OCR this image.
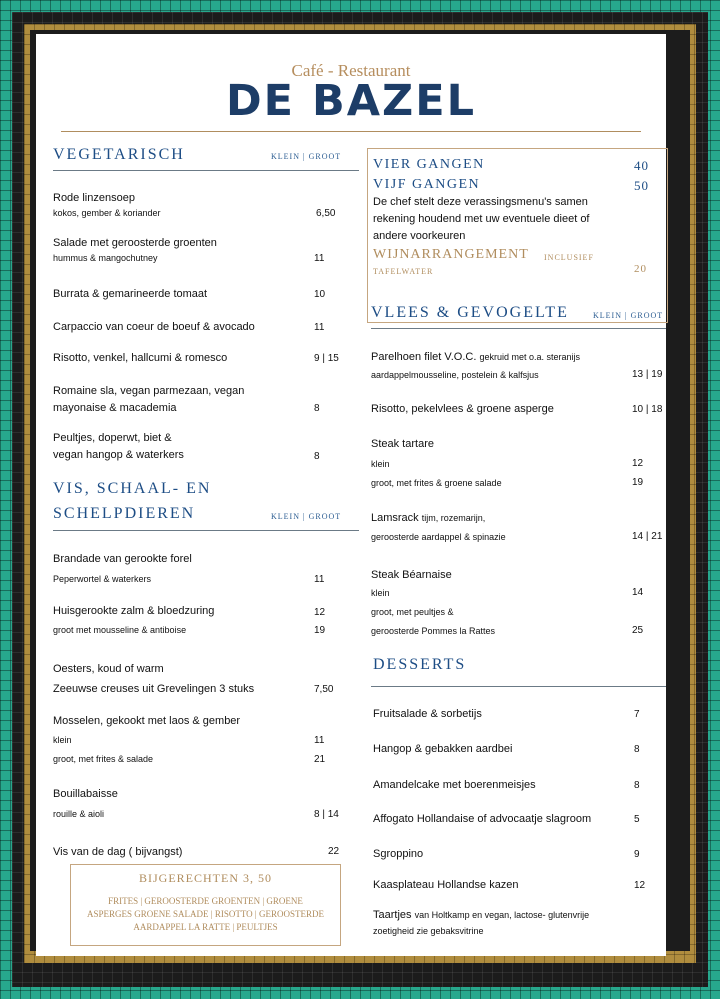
Café - Restaurant
DE BAZEL
VEGETARISCH	KLEIN | GROOT
Rode linzensoep
kokos, gember & koriander	6,50
Salade met geroosterde groenten
hummus & mangochutney	11
Burrata & gemarineerde tomaat	10
Carpaccio van coeur de boeuf & avocado	11
Risotto, venkel, hallcumi & romesco	9 | 15
Romaine sla, vegan parmezaan, vegan
mayonaise & macademia	8
Peultjes, doperwt, biet &
vegan hangop & waterkers	8
VIS, SCHAAL- EN
SCHELPDIEREN	KLEIN | GROOT
Brandade van gerookte forel
Peperwortel & waterkers	11
Huisgerookte zalm & bloedzuring	12
groot met mousseline & antiboise	19
Oesters, koud of warm
Zeeuwse creuses uit Grevelingen 3 stuks	7,50
Mosselen, gekookt met laos & gember
klein	11
groot, met frites & salade	21
Bouillabaisse
rouille & aioli	8 | 14
Vis van de dag ( bijvangst)	22
BIJGERECHTEN 3, 50
FRITES | GEROOSTERDE GROENTEN | GROENE
ASPERGES GROENE SALADE | RISOTTO | GEROOSTERDE
AARDAPPEL LA RATTE | PEULTJES
VIER GANGEN	40
VIJF GANGEN	50
De chef stelt deze verassingsmenu's samen
rekening houdend met uw eventuele dieet of
andere voorkeuren
WIJNARRANGEMENT INCLUSIEF
TAFELWATER	20
VLEES & GEVOGELTE	KLEIN | GROOT
Parelhoen filet V.O.C. gekruid met o.a. steranijs
aardappelmousseline, postelein & kalfsjus	13 | 19
Risotto, pekelvlees & groene asperge	10 | 18
Steak tartare
klein	12
groot, met frites & groene salade	19
Lamsrack tijm, rozemarijn,
geroosterde aardappel & spinazie	14 | 21
Steak Béarnaise
klein	14
groot, met peultjes &
geroosterde Pommes la Rattes	25
DESSERTS
Fruitsalade & sorbetijs	7
Hangop & gebakken aardbei	8
Amandelcake met boerenmeisjes	8
Affogato Hollandaise of advocaatje slagroom	5
Sgroppino	9
Kaasplateau Hollandse kazen	12
Taartjes van Holtkamp en vegan, lactose- glutenvrije
zoetigheid zie gebaksvitrine
